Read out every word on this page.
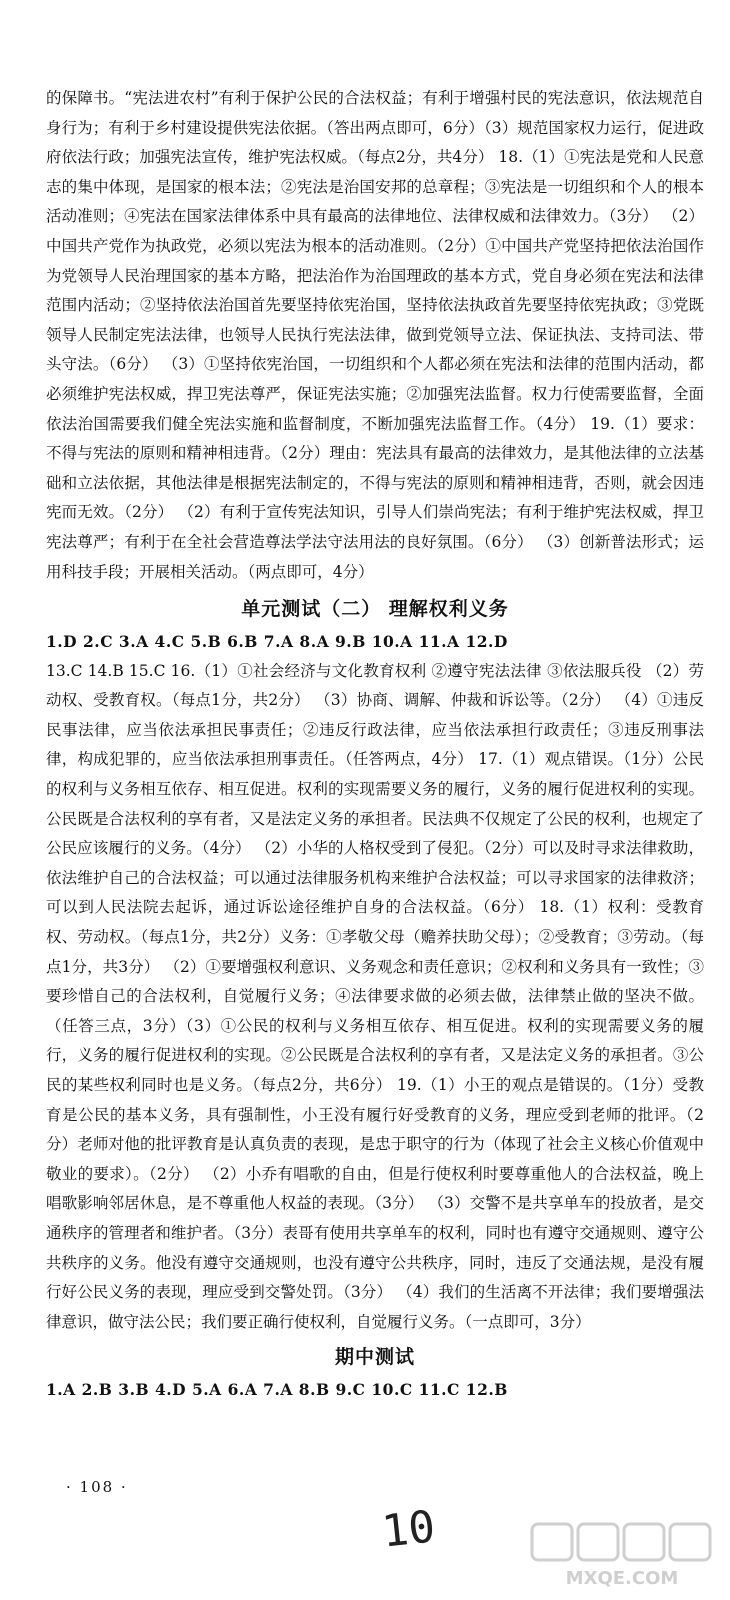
的保障书。“宪法进农村”有利于保护公民的合法权益；有利于增强村民的宪法意识，依法规范自身行为；有利于乡村建设提供宪法依据。（答出两点即可，6分）（3）规范国家权力运行，促进政府依法行政；加强宪法宣传，维护宪法权威。（每点2分，共4分） 18.（1）①宪法是党和人民意志的集中体现，是国家的根本法；②宪法是治国安邦的总章程；③宪法是一切组织和个人的根本活动准则；④宪法在国家法律体系中具有最高的法律地位、法律权威和法律效力。（3分） （2）中国共产党作为执政党，必须以宪法为根本的活动准则。（2分）①中国共产党坚持把依法治国作为党领导人民治理国家的基本方略，把法治作为治国理政的基本方式，党自身必须在宪法和法律范围内活动；②坚持依法治国首先要坚持依宪治国，坚持依法执政首先要坚持依宪执政；③党既领导人民制定宪法法律，也领导人民执行宪法法律，做到党领导立法、保证执法、支持司法、带头守法。（6分） （3）①坚持依宪治国，一切组织和个人都必须在宪法和法律的范围内活动，都必须维护宪法权威，捍卫宪法尊严，保证宪法实施；②加强宪法监督。权力行使需要监督，全面依法治国需要我们健全宪法实施和监督制度，不断加强宪法监督工作。（4分） 19.（1）要求：不得与宪法的原则和精神相违背。（2分）理由：宪法具有最高的法律效力，是其他法律的立法基础和立法依据，其他法律是根据宪法制定的，不得与宪法的原则和精神相违背，否则，就会因违宪而无效。（2分） （2）有利于宣传宪法知识，引导人们崇尚宪法；有利于维护宪法权威，捍卫宪法尊严；有利于在全社会营造尊法学法守法用法的良好氛围。（6分） （3）创新普法形式；运用科技手段；开展相关活动。（两点即可，4分）

单元测试（二） 理解权利义务

1.D 2.C 3.A 4.C 5.B 6.B 7.A 8.A 9.B 10.A 11.A 12.D

13.C 14.B 15.C 16.（1）①社会经济与文化教育权利 ②遵守宪法法律 ③依法服兵役 （2）劳动权、受教育权。（每点1分，共2分） （3）协商、调解、仲裁和诉讼等。（2分） （4）①违反民事法律，应当依法承担民事责任；②违反行政法律，应当依法承担行政责任；③违反刑事法律，构成犯罪的，应当依法承担刑事责任。（任答两点，4分） 17.（1）观点错误。（1分）公民的权利与义务相互依存、相互促进。权利的实现需要义务的履行，义务的履行促进权利的实现。公民既是合法权利的享有者，又是法定义务的承担者。民法典不仅规定了公民的权利，也规定了公民应该履行的义务。（4分） （2）小华的人格权受到了侵犯。（2分）可以及时寻求法律救助，依法维护自己的合法权益；可以通过法律服务机构来维护合法权益；可以寻求国家的法律救济；可以到人民法院去起诉，通过诉讼途径维护自身的合法权益。（6分） 18.（1）权利：受教育权、劳动权。（每点1分，共2分）义务：①孝敬父母（赡养扶助父母）；②受教育；③劳动。（每点1分，共3分） （2）①要增强权利意识、义务观念和责任意识；②权利和义务具有一致性；③要珍惜自己的合法权利，自觉履行义务；④法律要求做的必须去做，法律禁止做的坚决不做。（任答三点，3分）（3）①公民的权利与义务相互依存、相互促进。权利的实现需要义务的履行，义务的履行促进权利的实现。②公民既是合法权利的享有者，又是法定义务的承担者。③公民的某些权利同时也是义务。（每点2分，共6分） 19.（1）小王的观点是错误的。（1分）受教育是公民的基本义务，具有强制性，小王没有履行好受教育的义务，理应受到老师的批评。（2分）老师对他的批评教育是认真负责的表现，是忠于职守的行为（体现了社会主义核心价值观中敬业的要求）。（2分） （2）小乔有唱歌的自由，但是行使权利时要尊重他人的合法权益，晚上唱歌影响邻居休息，是不尊重他人权益的表现。（3分） （3）交警不是共享单车的投放者，是交通秩序的管理者和维护者。（3分）表哥有使用共享单车的权利，同时也有遵守交通规则、遵守公共秩序的义务。他没有遵守交通规则，也没有遵守公共秩序，同时，违反了交通法规，是没有履行好公民义务的表现，理应受到交警处罚。（3分） （4）我们的生活离不开法律；我们要增强法律意识，做守法公民；我们要正确行使权利，自觉履行义务。（一点即可，3分）

期中测试

1.A 2.B 3.B 4.D 5.A 6.A 7.A 8.B 9.C 10.C 11.C 12.B

· 108 ·
10
MXQE.COM
